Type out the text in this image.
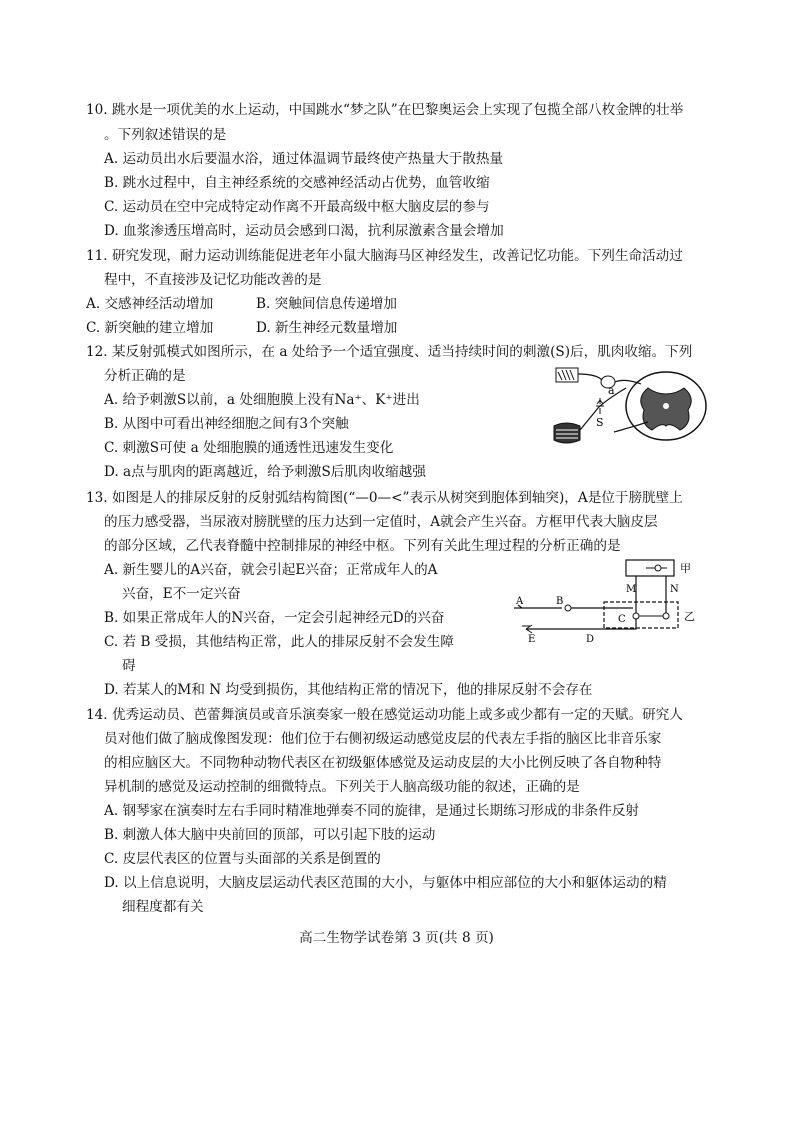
10. 跳水是一项优美的水上运动，中国跳水“梦之队”在巴黎奥运会上实现了包揽全部八枚金牌的壮举
。下列叙述错误的是
A. 运动员出水后要温水浴，通过体温调节最终使产热量大于散热量
B. 跳水过程中，自主神经系统的交感神经活动占优势，血管收缩
C. 运动员在空中完成特定动作离不开最高级中枢大脑皮层的参与
D. 血浆渗透压增高时，运动员会感到口渴，抗利尿激素含量会增加
11. 研究发现，耐力运动训练能促进老年小鼠大脑海马区神经发生，改善记忆功能。下列生命活动过
程中，不直接涉及记忆功能改善的是
A. 交感神经活动增加	B. 突触间信息传递增加
C. 新突触的建立增加	D. 新生神经元数量增加
12. 某反射弧模式如图所示，在 a 处给予一个适宜强度、适当持续时间的刺激(S)后，肌肉收缩。下列
分析正确的是
A. 给予刺激S以前，a 处细胞膜上没有Na⁺、K⁺进出
B. 从图中可看出神经细胞之间有3个突触
C. 刺激S可使 a 处细胞膜的通透性迅速发生变化
D. a点与肌肉的距离越近，给予刺激S后肌肉收缩越强
a
S
13. 如图是人的排尿反射的反射弧结构简图(“—0—<”表示从树突到胞体到轴突)，A是位于膀胱壁上
的压力感受器，当尿液对膀胱壁的压力达到一定值时，A就会产生兴奋。方框甲代表大脑皮层
的部分区域，乙代表脊髓中控制排尿的神经中枢。下列有关此生理过程的分析正确的是
A. 新生婴儿的A兴奋，就会引起E兴奋；正常成年人的A
兴奋，E不一定兴奋
B. 如果正常成年人的N兴奋，一定会引起神经元D的兴奋
C. 若 B 受损，其他结构正常，此人的排尿反射不会发生障
碍
D. 若某人的M和 N 均受到损伤，其他结构正常的情况下，他的排尿反射不会存在
甲
M	N
乙
A	B
C
E	D
14. 优秀运动员、芭蕾舞演员或音乐演奏家一般在感觉运动功能上或多或少都有一定的天赋。研究人
员对他们做了脑成像图发现：他们位于右侧初级运动感觉皮层的代表左手指的脑区比非音乐家
的相应脑区大。不同物种动物代表区在初级躯体感觉及运动皮层的大小比例反映了各自物种特
异机制的感觉及运动控制的细微特点。下列关于人脑高级功能的叙述，正确的是
A. 钢琴家在演奏时左右手同时精准地弹奏不同的旋律，是通过长期练习形成的非条件反射
B. 刺激人体大脑中央前回的顶部，可以引起下肢的运动
C. 皮层代表区的位置与头面部的关系是倒置的
D. 以上信息说明，大脑皮层运动代表区范围的大小，与躯体中相应部位的大小和躯体运动的精
细程度都有关
高二生物学试卷第 3 页(共 8 页)
